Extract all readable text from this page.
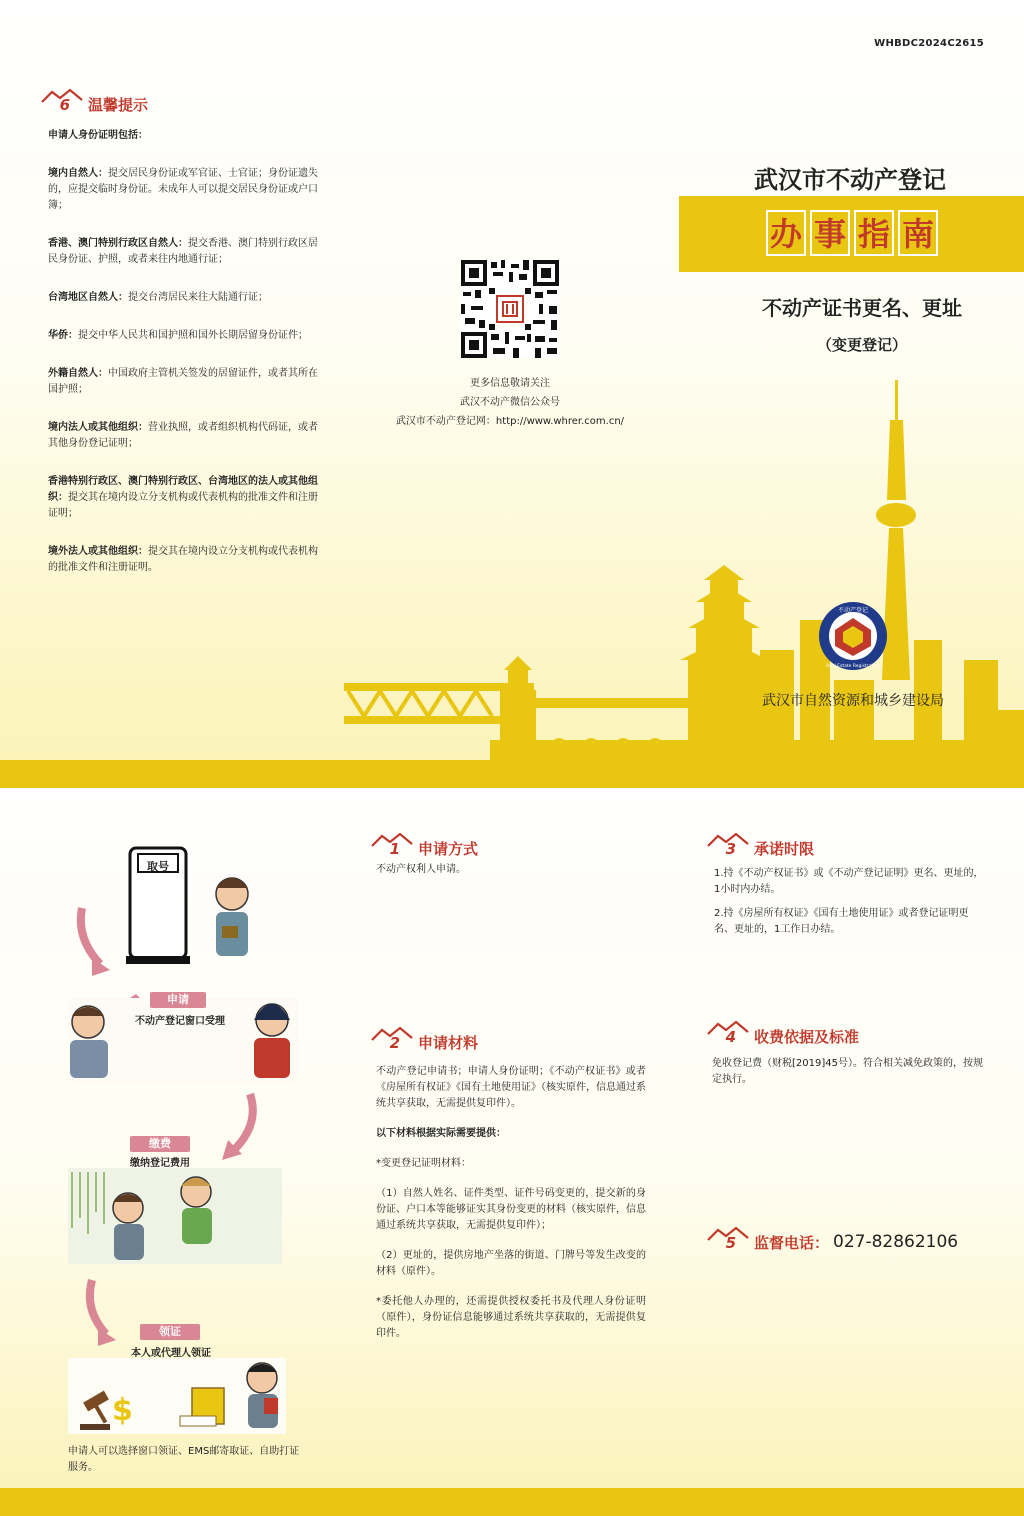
WHBDC2024C2615
6 温馨提示

申请人身份证明包括：

境内自然人：提交居民身份证或军官证、士官证；身份证遗失的，应提交临时身份证。未成年人可以提交居民身份证或户口簿；

香港、澳门特别行政区自然人：提交香港、澳门特别行政区居民身份证、护照，或者来往内地通行证；

台湾地区自然人：提交台湾居民来往大陆通行证；

华侨：提交中华人民共和国护照和国外长期居留身份证件；

外籍自然人：中国政府主管机关签发的居留证件，或者其所在国护照；

境内法人或其他组织：营业执照，或者组织机构代码证，或者其他身份登记证明；

香港特别行政区、澳门特别行政区、台湾地区的法人或其他组织：提交其在境内设立分支机构或代表机构的批准文件和注册证明；

境外法人或其他组织：提交其在境内设立分支机构或代表机构的批准文件和注册证明。

更多信息敬请关注
武汉不动产微信公众号
武汉市不动产登记网：http://www.whrer.com.cn/
武汉市不动产登记
办 事 指 南
不动产证书更名、更址
（变更登记）
不动产登记
Real Estate Registration
武汉市自然资源和城乡建设局
$
取号
申请
不动产登记窗口受理
缴费
缴纳登记费用
领证
本人或代理人领证
1 申请方式
不动产权利人申请。
2 申请材料

不动产登记申请书；申请人身份证明；《不动产权证书》或者《房屋所有权证》《国有土地使用证》（核实原件，信息通过系统共享获取，无需提供复印件）。

以下材料根据实际需要提供：

*变更登记证明材料：

（1）自然人姓名、证件类型、证件号码变更的，提交新的身份证、户口本等能够证实其身份变更的材料（核实原件，信息通过系统共享获取，无需提供复印件）；

（2）更址的，提供房地产坐落的街道、门牌号等发生改变的材料（原件）。

*委托他人办理的，还需提供授权委托书及代理人身份证明（原件），身份证信息能够通过系统共享获取的，无需提供复印件。

3 承诺时限

1.持《不动产权证书》或《不动产登记证明》更名、更址的，1小时内办结。

2.持《房屋所有权证》《国有土地使用证》或者登记证明更名、更址的，1工作日办结。

4 收费依据及标准
免收登记费（财税[2019]45号）。符合相关减免政策的，按规定执行。
5 监督电话： 027-82862106
申请人可以选择窗口领证、EMS邮寄取证、自助打证服务。
